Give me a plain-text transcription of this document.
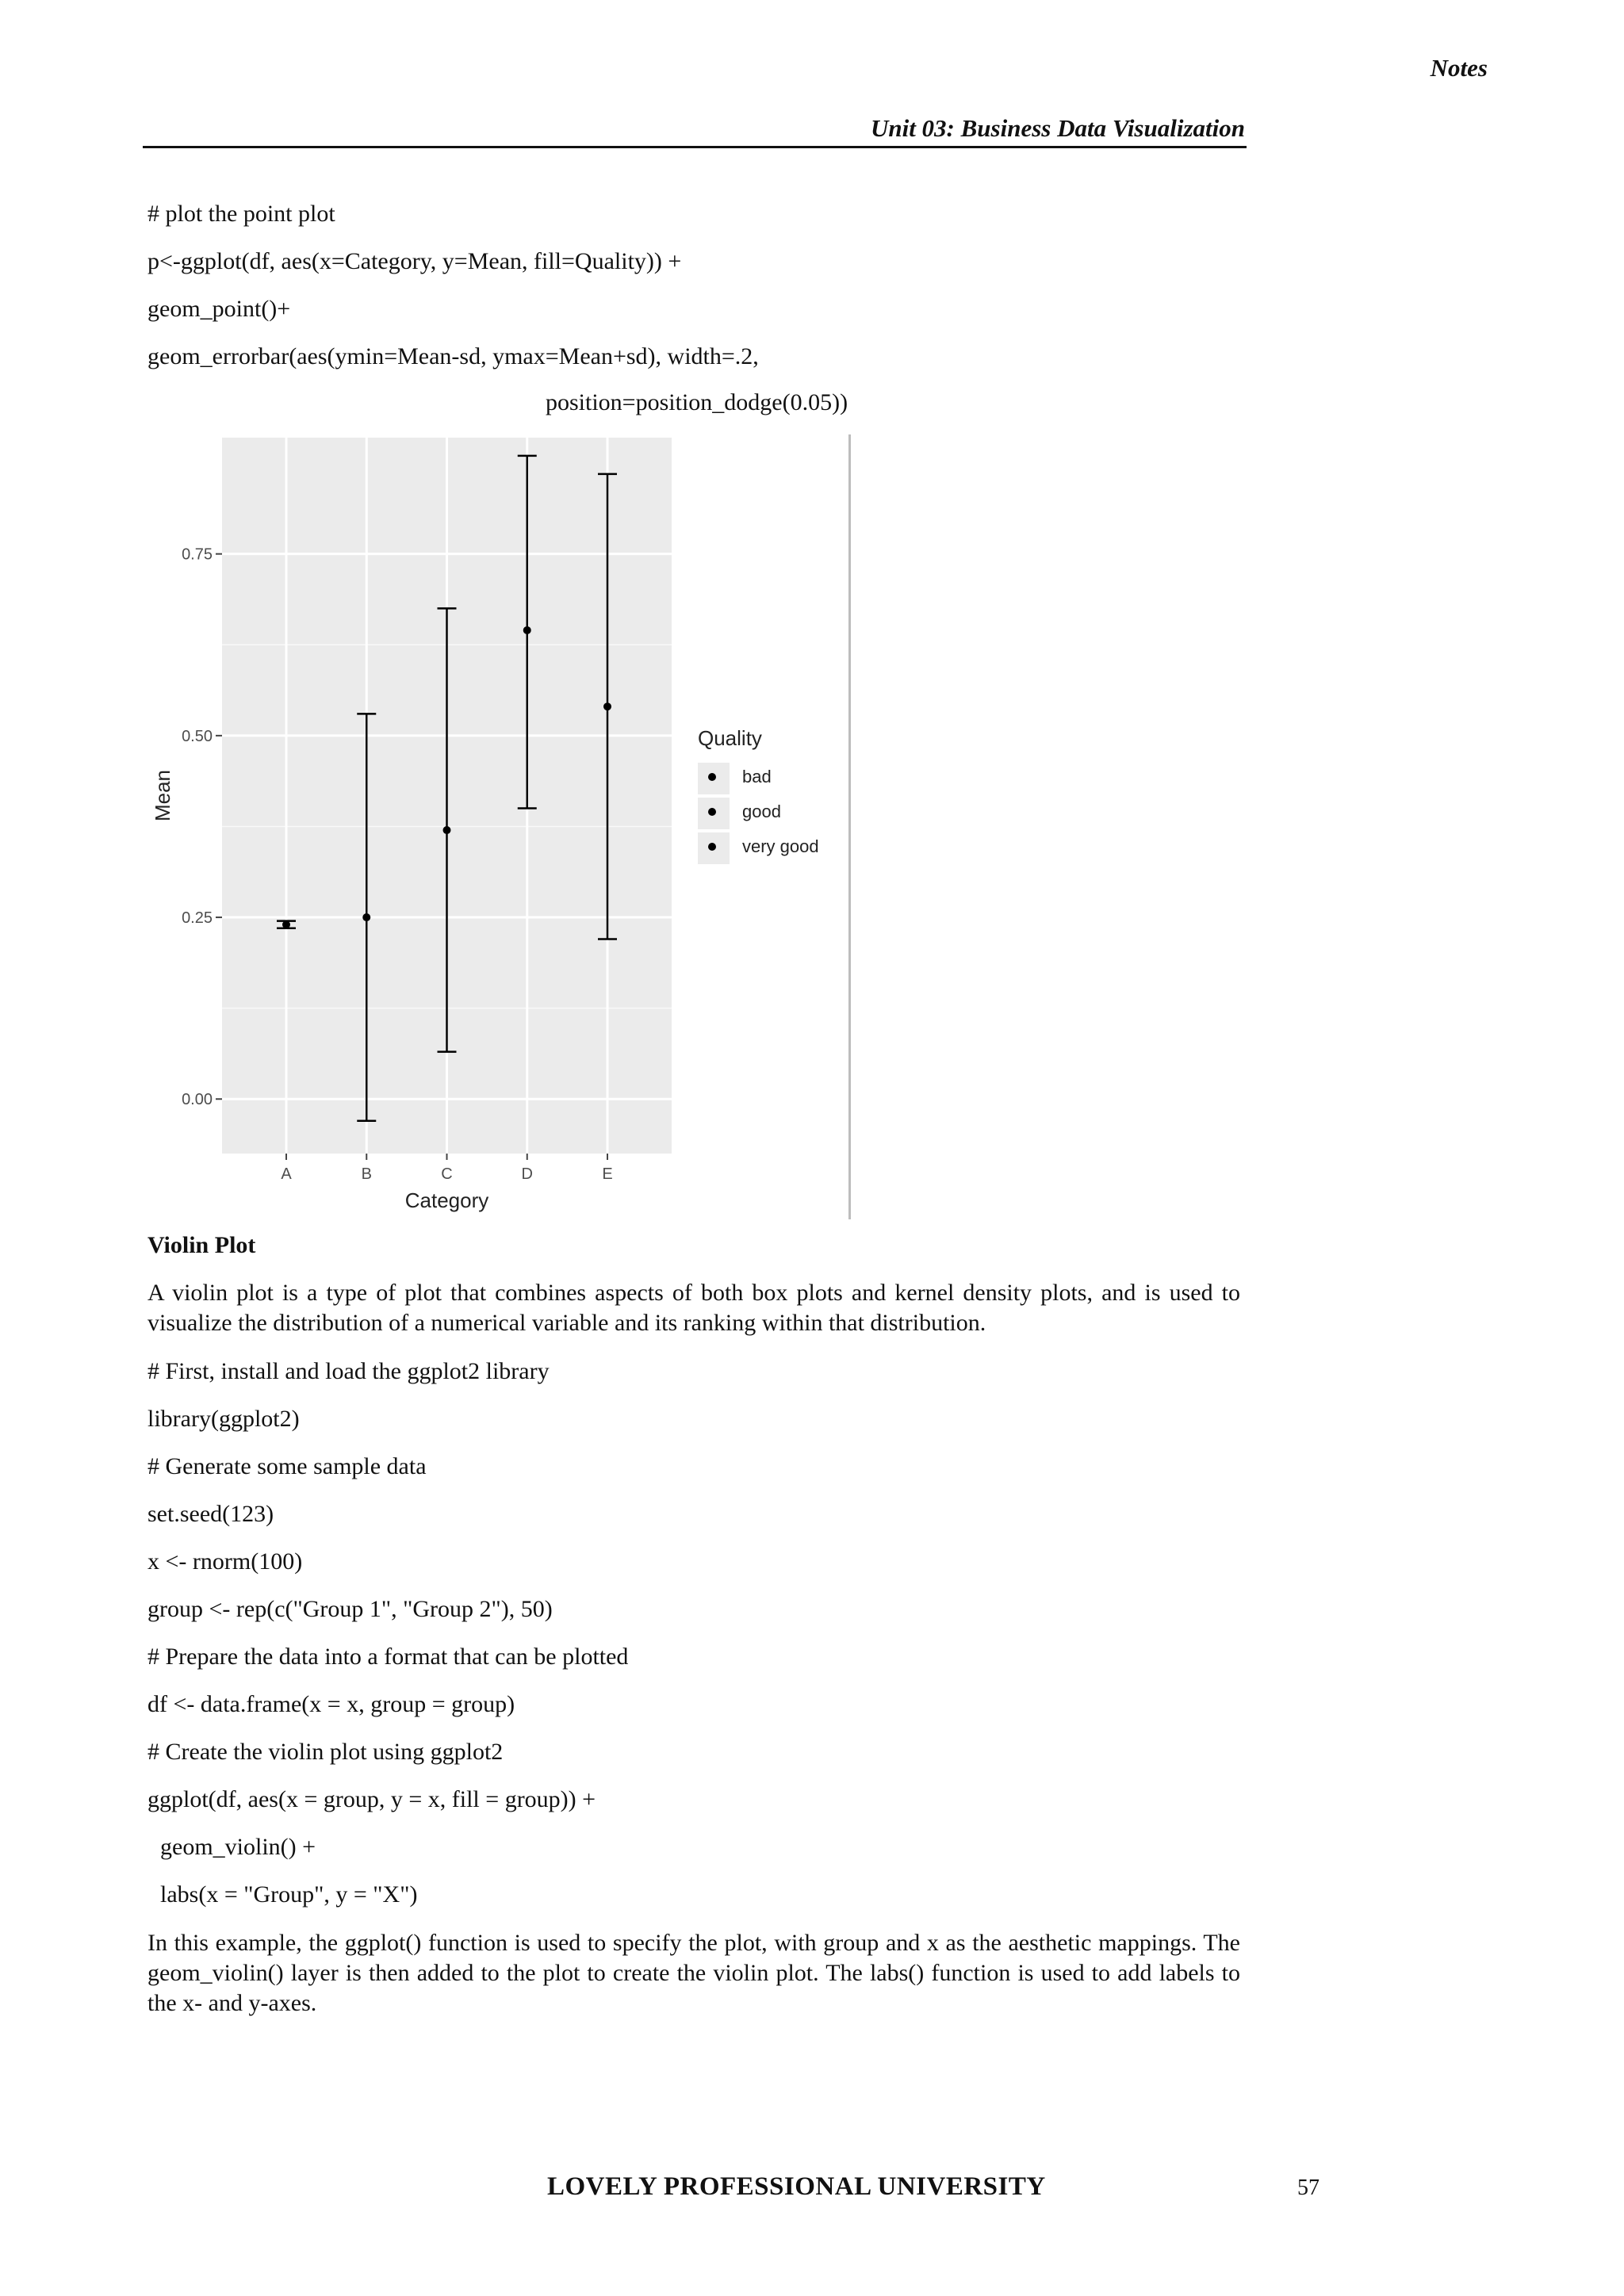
Notes
Unit 03: Business Data Visualization
# plot the point plot
p<-ggplot(df, aes(x=Category, y=Mean, fill=Quality)) +
geom_point()+
geom_errorbar(aes(ymin=Mean-sd, ymax=Mean+sd), width=.2,
position=position_dodge(0.05))
0.00
0.25
0.50
0.75
A	B	C	D	E
Category
Mean
Quality
bad
good
very good
Violin Plot
A violin plot is a type of plot that combines aspects of both box plots and kernel density plots, and is used to visualize the distribution of a numerical variable and its ranking within that distribution.
# First, install and load the ggplot2 library
library(ggplot2)
# Generate some sample data
set.seed(123)
x <- rnorm(100)
group <- rep(c("Group 1", "Group 2"), 50)
# Prepare the data into a format that can be plotted
df <- data.frame(x = x, group = group)
# Create the violin plot using ggplot2
ggplot(df, aes(x = group, y = x, fill = group)) +
geom_violin() +
labs(x = "Group", y = "X")
In this example, the ggplot() function is used to specify the plot, with group and x as the aesthetic mappings. The geom_violin() layer is then added to the plot to create the violin plot. The labs() function is used to add labels to the x- and y-axes.
LOVELY PROFESSIONAL UNIVERSITY	57
